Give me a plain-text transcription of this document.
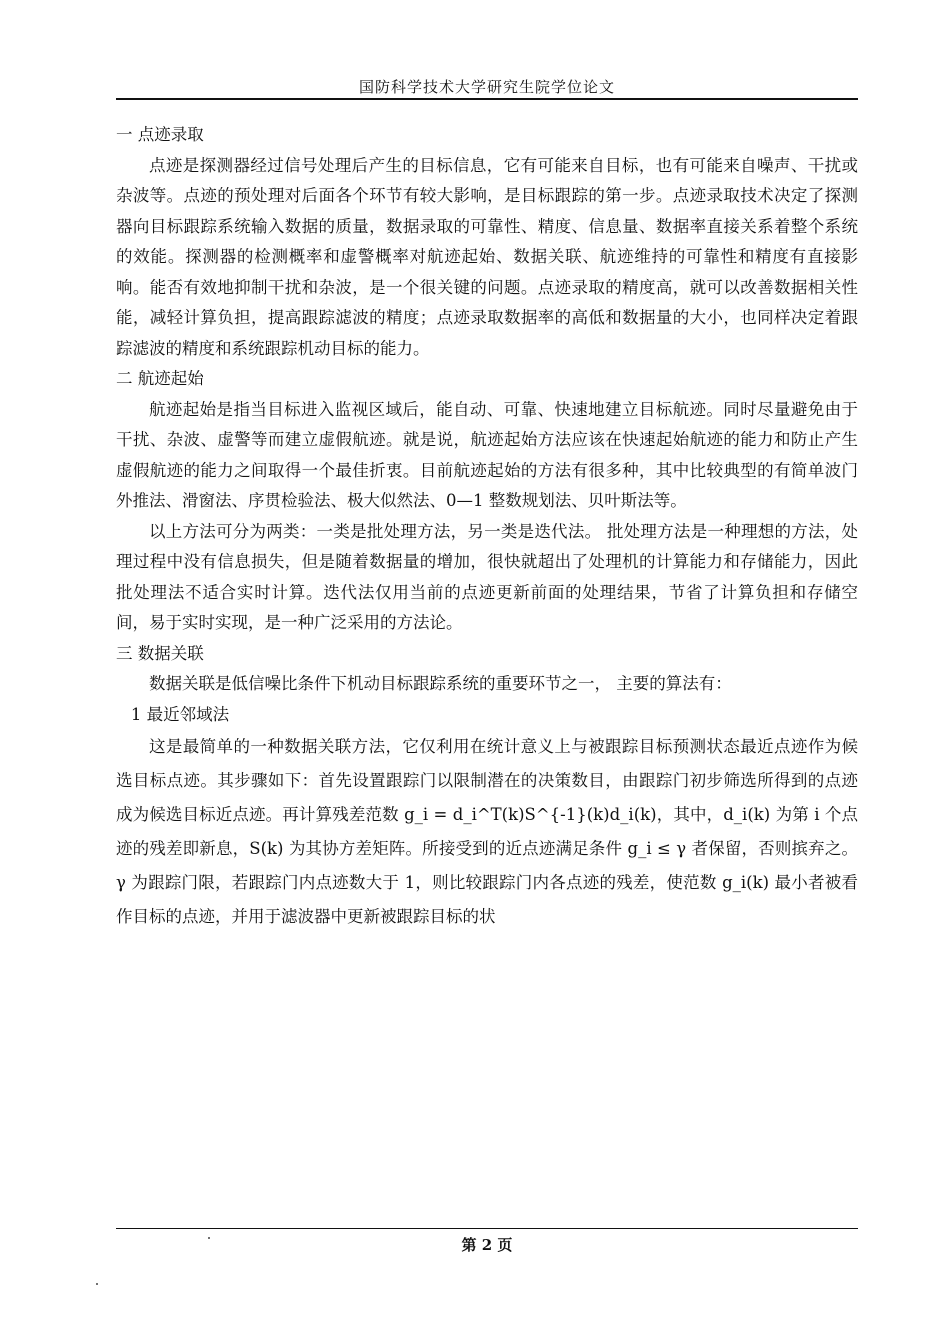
国防科学技术大学研究生院学位论文

一 点迹录取

点迹是探测器经过信号处理后产生的目标信息，它有可能来自目标，也有可能来自噪声、干扰或杂波等。点迹的预处理对后面各个环节有较大影响，是目标跟踪的第一步。点迹录取技术决定了探测器向目标跟踪系统输入数据的质量，数据录取的可靠性、精度、信息量、数据率直接关系着整个系统的效能。探测器的检测概率和虚警概率对航迹起始、数据关联、航迹维持的可靠性和精度有直接影响。能否有效地抑制干扰和杂波，是一个很关键的问题。点迹录取的精度高，就可以改善数据相关性能，减轻计算负担，提高跟踪滤波的精度；点迹录取数据率的高低和数据量的大小，也同样决定着跟踪滤波的精度和系统跟踪机动目标的能力。

二 航迹起始

航迹起始是指当目标进入监视区域后，能自动、可靠、快速地建立目标航迹。同时尽量避免由于干扰、杂波、虚警等而建立虚假航迹。就是说，航迹起始方法应该在快速起始航迹的能力和防止产生虚假航迹的能力之间取得一个最佳折衷。目前航迹起始的方法有很多种，其中比较典型的有简单波门外推法、滑窗法、序贯检验法、极大似然法、0—1 整数规划法、贝叶斯法等。

以上方法可分为两类：一类是批处理方法，另一类是迭代法。 批处理方法是一种理想的方法，处理过程中没有信息损失，但是随着数据量的增加，很快就超出了处理机的计算能力和存储能力，因此批处理法不适合实时计算。迭代法仅用当前的点迹更新前面的处理结果，节省了计算负担和存储空间，易于实时实现，是一种广泛采用的方法论。

三 数据关联

数据关联是低信噪比条件下机动目标跟踪系统的重要环节之一， 主要的算法有：

1 最近邻域法

这是最简单的一种数据关联方法，它仅利用在统计意义上与被跟踪目标预测状态最近点迹作为候选目标点迹。其步骤如下：首先设置跟踪门以限制潜在的决策数目，由跟踪门初步筛选所得到的点迹成为候选目标近点迹。再计算残差范数 g_i = d_i^T(k)S^{-1}(k)d_i(k)，其中，d_i(k) 为第 i 个点迹的残差即新息，S(k) 为其协方差矩阵。所接受到的近点迹满足条件 g_i ≤ γ 者保留，否则摈弃之。γ 为跟踪门限，若跟踪门内点迹数大于 1，则比较跟踪门内各点迹的残差，使范数 g_i(k) 最小者被看作目标的点迹，并用于滤波器中更新被跟踪目标的状

第 2 页
